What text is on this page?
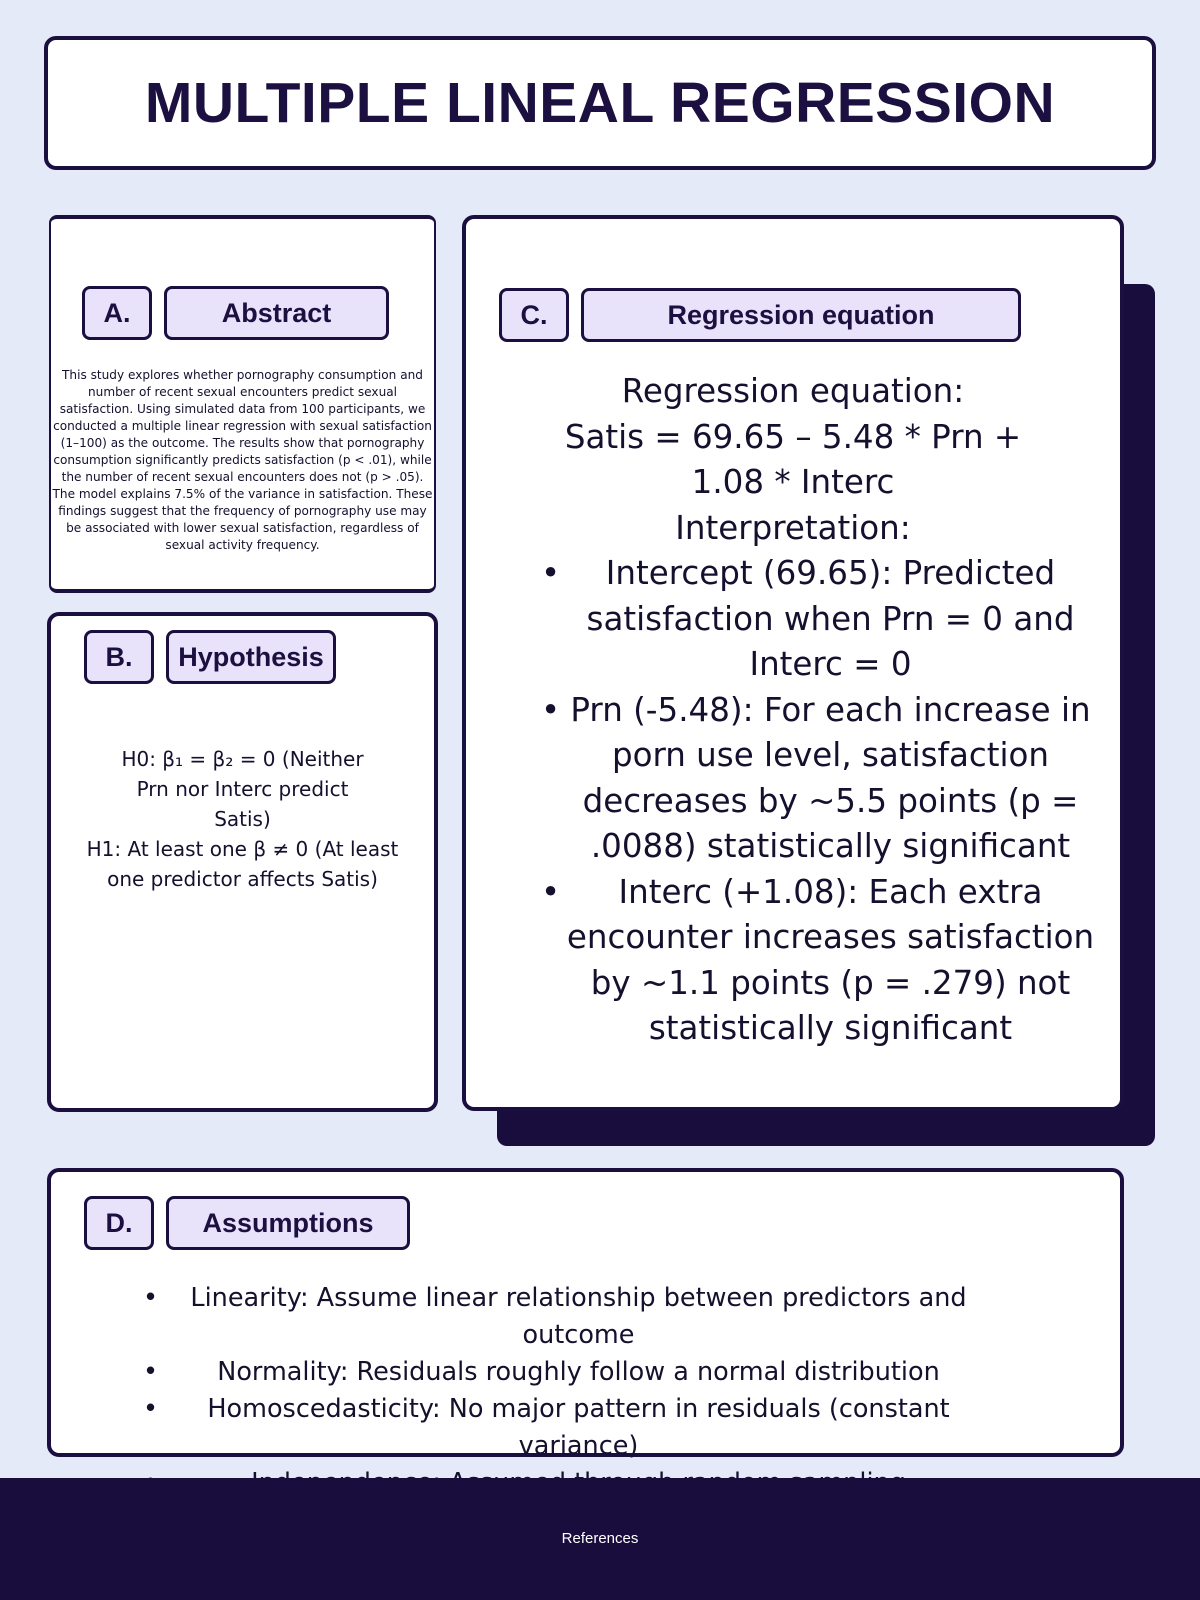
MULTIPLE LINEAL REGRESSION
A.	Abstract
This study explores whether pornography consumption and number of recent sexual encounters predict sexual satisfaction. Using simulated data from 100 participants, we conducted a multiple linear regression with sexual satisfaction (1–100) as the outcome. The results show that pornography consumption significantly predicts satisfaction (p < .01), while the number of recent sexual encounters does not (p > .05). The model explains 7.5% of the variance in satisfaction. These findings suggest that the frequency of pornography use may be associated with lower sexual satisfaction, regardless of sexual activity frequency.
B.	Hypothesis
H0: β₁ = β₂ = 0 (Neither Prn nor Interc predict Satis)
H1: At least one β ≠ 0 (At least one predictor affects Satis)
C.	Regression equation
Regression equation:
Satis = 69.65 – 5.48 * Prn + 1.08 * Interc
Interpretation:
• Intercept (69.65): Predicted satisfaction when Prn = 0 and Interc = 0
• Prn (-5.48): For each increase in porn use level, satisfaction decreases by ~5.5 points (p = .0088) statistically significant
• Interc (+1.08): Each extra encounter increases satisfaction by ~1.1 points (p = .279) not statistically significant
D.	Assumptions
• Linearity: Assume linear relationship between predictors and outcome
• Normality: Residuals roughly follow a normal distribution
• Homoscedasticity: No major pattern in residuals (constant variance)
References
